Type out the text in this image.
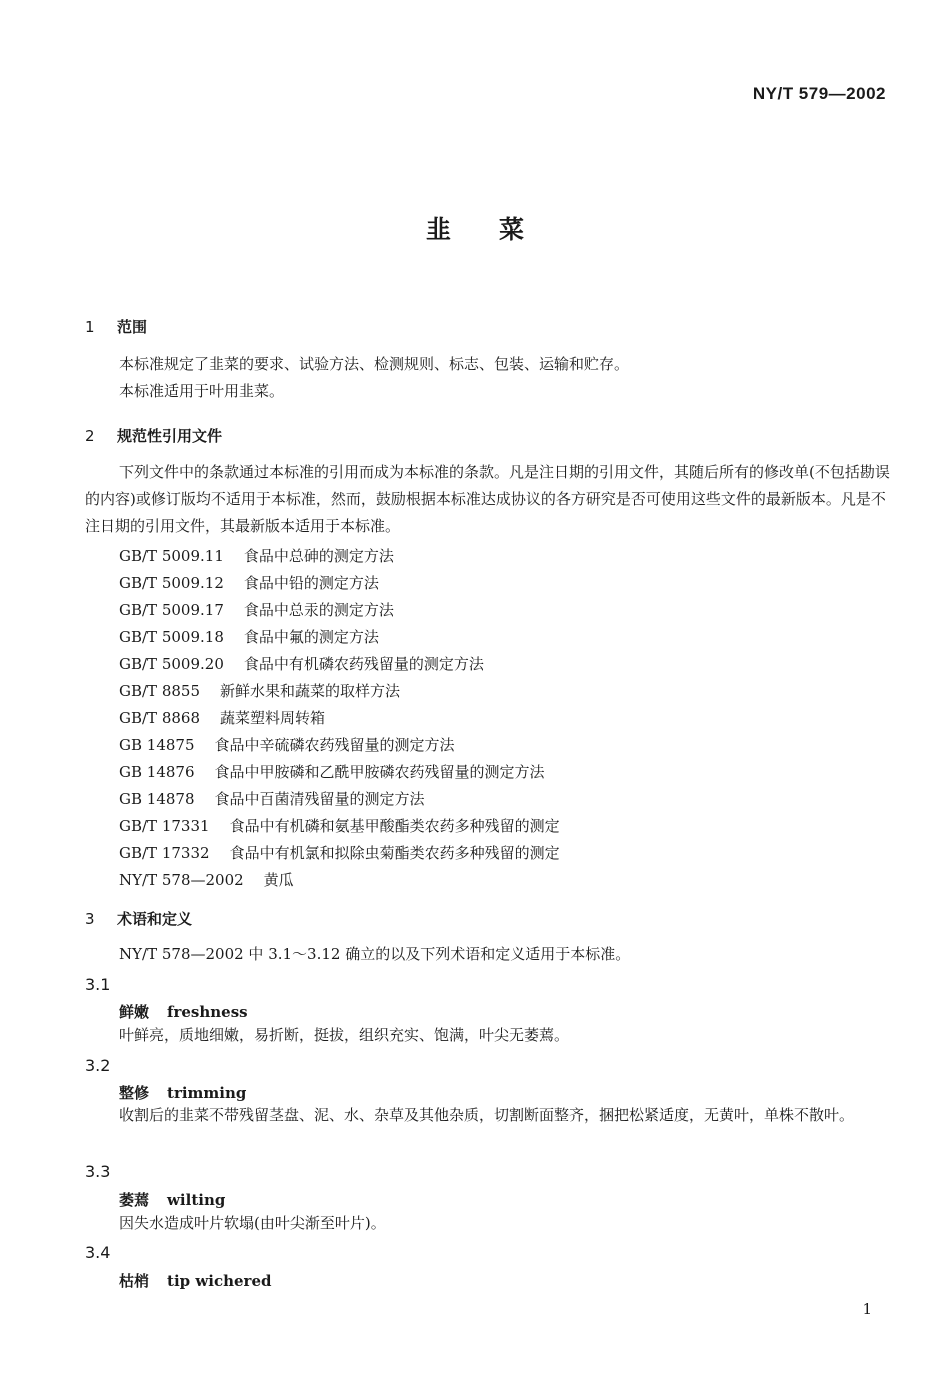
NY/T 579—2002
韭菜
1 范围
本标准规定了韭菜的要求、试验方法、检测规则、标志、包装、运输和贮存。
本标准适用于叶用韭菜。
2 规范性引用文件
下列文件中的条款通过本标准的引用而成为本标准的条款。凡是注日期的引用文件，其随后所有的修改单(不包括勘误的内容)或修订版均不适用于本标准，然而，鼓励根据本标准达成协议的各方研究是否可使用这些文件的最新版本。凡是不注日期的引用文件，其最新版本适用于本标准。
GB/T 5009.11 食品中总砷的测定方法
GB/T 5009.12 食品中铅的测定方法
GB/T 5009.17 食品中总汞的测定方法
GB/T 5009.18 食品中氟的测定方法
GB/T 5009.20 食品中有机磷农药残留量的测定方法
GB/T 8855 新鲜水果和蔬菜的取样方法
GB/T 8868 蔬菜塑料周转箱
GB 14875 食品中辛硫磷农药残留量的测定方法
GB 14876 食品中甲胺磷和乙酰甲胺磷农药残留量的测定方法
GB 14878 食品中百菌清残留量的测定方法
GB/T 17331 食品中有机磷和氨基甲酸酯类农药多种残留的测定
GB/T 17332 食品中有机氯和拟除虫菊酯类农药多种残留的测定
NY/T 578—2002 黄瓜
3 术语和定义
NY/T 578—2002 中 3.1～3.12 确立的以及下列术语和定义适用于本标准。
3.1
鲜嫩 freshness
叶鲜亮，质地细嫩，易折断，挺拔，组织充实、饱满，叶尖无萎蔫。
3.2
整修 trimming
收割后的韭菜不带残留茎盘、泥、水、杂草及其他杂质，切割断面整齐，捆把松紧适度，无黄叶，单株不散叶。
3.3
萎蔫 wilting
因失水造成叶片软塌(由叶尖渐至叶片)。
3.4
枯梢 tip wichered
1
